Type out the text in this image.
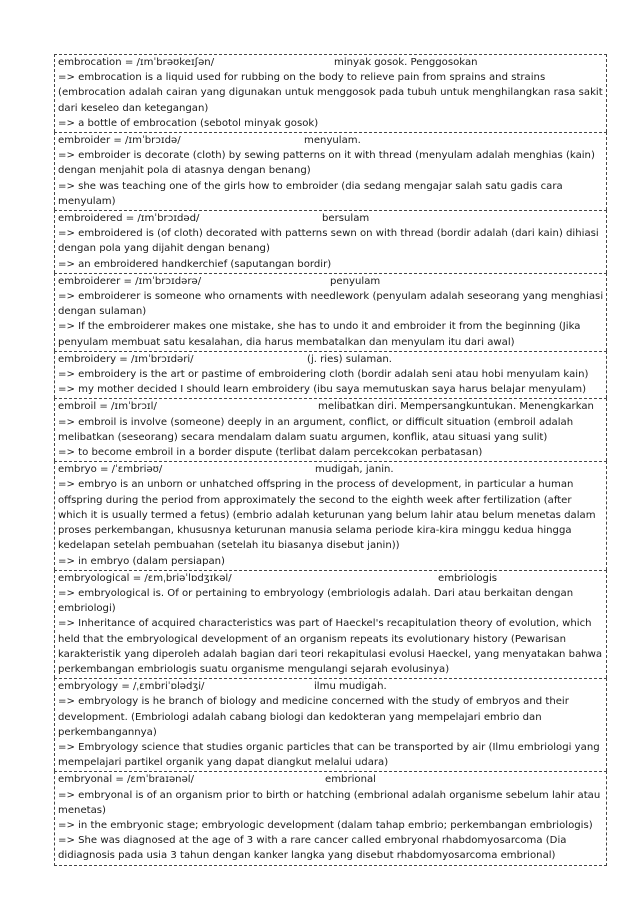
embrocation = /ɪmˈbrəʊkeɪʃən/	minyak gosok. Penggosokan

=> embrocation is a liquid used for rubbing on the body to relieve pain from sprains and strains (embrocation adalah cairan yang digunakan untuk menggosok pada tubuh untuk menghilangkan rasa sakit dari keseleo dan ketegangan)

=> a bottle of embrocation (sebotol minyak gosok)

embroider = /ɪmˈbrɔɪdə/	menyulam.

=> embroider is decorate (cloth) by sewing patterns on it with thread (menyulam adalah menghias (kain) dengan menjahit pola di atasnya dengan benang)

=> she was teaching one of the girls how to embroider (dia sedang mengajar salah satu gadis cara menyulam)

embroidered = /ɪmˈbrɔɪdəd/	bersulam

=> embroidered is (of cloth) decorated with patterns sewn on with thread (bordir adalah (dari kain) dihiasi dengan pola yang dijahit dengan benang)

=> an embroidered handkerchief (saputangan bordir)

embroiderer = /ɪmˈbrɔɪdərə/	penyulam

=> embroiderer is someone who ornaments with needlework (penyulam adalah seseorang yang menghiasi dengan sulaman)

=> If the embroiderer makes one mistake, she has to undo it and embroider it from the beginning (Jika penyulam membuat satu kesalahan, dia harus membatalkan dan menyulam itu dari awal)

embroidery = /ɪmˈbrɔɪdəri/	(j. ries) sulaman.

=> embroidery is the art or pastime of embroidering cloth (bordir adalah seni atau hobi menyulam kain)

=> my mother decided I should learn embroidery (ibu saya memutuskan saya harus belajar menyulam)

embroil = /ɪmˈbrɔɪl/	melibatkan diri. Mempersangkuntukan. Menengkarkan

=> embroil is involve (someone) deeply in an argument, conflict, or difficult situation (embroil adalah melibatkan (seseorang) secara mendalam dalam suatu argumen, konflik, atau situasi yang sulit)

=> to become embroil in a border dispute (terlibat dalam percekcokan perbatasan)

embryo = /ˈɛmbriəʊ/	mudigah, janin.

=> embryo is an unborn or unhatched offspring in the process of development, in particular a human offspring during the period from approximately the second to the eighth week after fertilization (after which it is usually termed a fetus) (embrio adalah keturunan yang belum lahir atau belum menetas dalam proses perkembangan, khususnya keturunan manusia selama periode kira-kira minggu kedua hingga kedelapan setelah pembuahan (setelah itu biasanya disebut janin))

=> in embryo (dalam persiapan)

embryological = /ɛmˌbriəˈlɒdʒɪkəl/	embriologis

=> embryological is. Of or pertaining to embryology (embriologis adalah. Dari atau berkaitan dengan embriologi)

=> Inheritance of acquired characteristics was part of Haeckel's recapitulation theory of evolution, which held that the embryological development of an organism repeats its evolutionary history (Pewarisan karakteristik yang diperoleh adalah bagian dari teori rekapitulasi evolusi Haeckel, yang menyatakan bahwa perkembangan embriologis suatu organisme mengulangi sejarah evolusinya)

embryology = /ˌɛmbriˈɒlədʒi/	ilmu mudigah.

=> embryology is he branch of biology and medicine concerned with the study of embryos and their development. (Embriologi adalah cabang biologi dan kedokteran yang mempelajari embrio dan perkembangannya)

=> Embryology science that studies organic particles that can be transported by air (Ilmu embriologi yang mempelajari partikel organik yang dapat diangkut melalui udara)

embryonal = /ɛmˈbraɪənəl/	embrional

=> embryonal is of an organism prior to birth or hatching (embrional adalah organisme sebelum lahir atau menetas)

=> in the embryonic stage; embryologic development (dalam tahap embrio; perkembangan embriologis)

=> She was diagnosed at the age of 3 with a rare cancer called embryonal rhabdomyosarcoma (Dia didiagnosis pada usia 3 tahun dengan kanker langka yang disebut rhabdomyosarcoma embrional)
